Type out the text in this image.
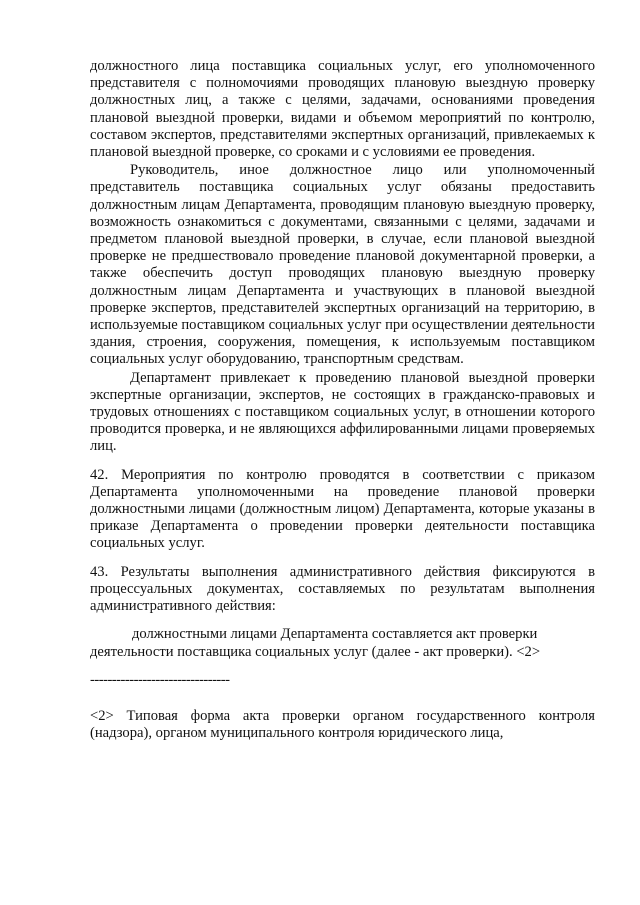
должностного лица поставщика социальных услуг, его уполномоченного представителя с полномочиями проводящих плановую выездную проверку должностных лиц, а также с целями, задачами, основаниями проведения плановой выездной проверки, видами и объемом мероприятий по контролю, составом экспертов, представителями экспертных организаций, привлекаемых к плановой выездной проверке, со сроками и с условиями ее проведения.

Руководитель, иное должностное лицо или уполномоченный представитель поставщика социальных услуг обязаны предоставить должностным лицам Департамента, проводящим плановую выездную проверку, возможность ознакомиться с документами, связанными с целями, задачами и предметом плановой выездной проверки, в случае, если плановой выездной проверке не предшествовало проведение плановой документарной проверки, а также обеспечить доступ проводящих плановую выездную проверку должностным лицам Департамента и участвующих в плановой выездной проверке экспертов, представителей экспертных организаций на территорию, в используемые поставщиком социальных услуг при осуществлении деятельности здания, строения, сооружения, помещения, к используемым поставщиком социальных услуг оборудованию, транспортным средствам.

Департамент привлекает к проведению плановой выездной проверки экспертные организации, экспертов, не состоящих в гражданско-правовых и трудовых отношениях с поставщиком социальных услуг, в отношении которого проводится проверка, и не являющихся аффилированными лицами проверяемых лиц.

42. Мероприятия по контролю проводятся в соответствии с приказом Департамента уполномоченными на проведение плановой проверки должностными лицами (должностным лицом) Департамента, которые указаны в приказе Департамента о проведении проверки деятельности поставщика социальных услуг.

43. Результаты выполнения административного действия фиксируются в процессуальных документах, составляемых по результатам выполнения административного действия:

должностными лицами Департамента составляется акт проверки

деятельности поставщика социальных услуг (далее - акт проверки). <2>

--------------------------------

<2> Типовая форма акта проверки органом государственного контроля (надзора), органом муниципального контроля юридического лица,
